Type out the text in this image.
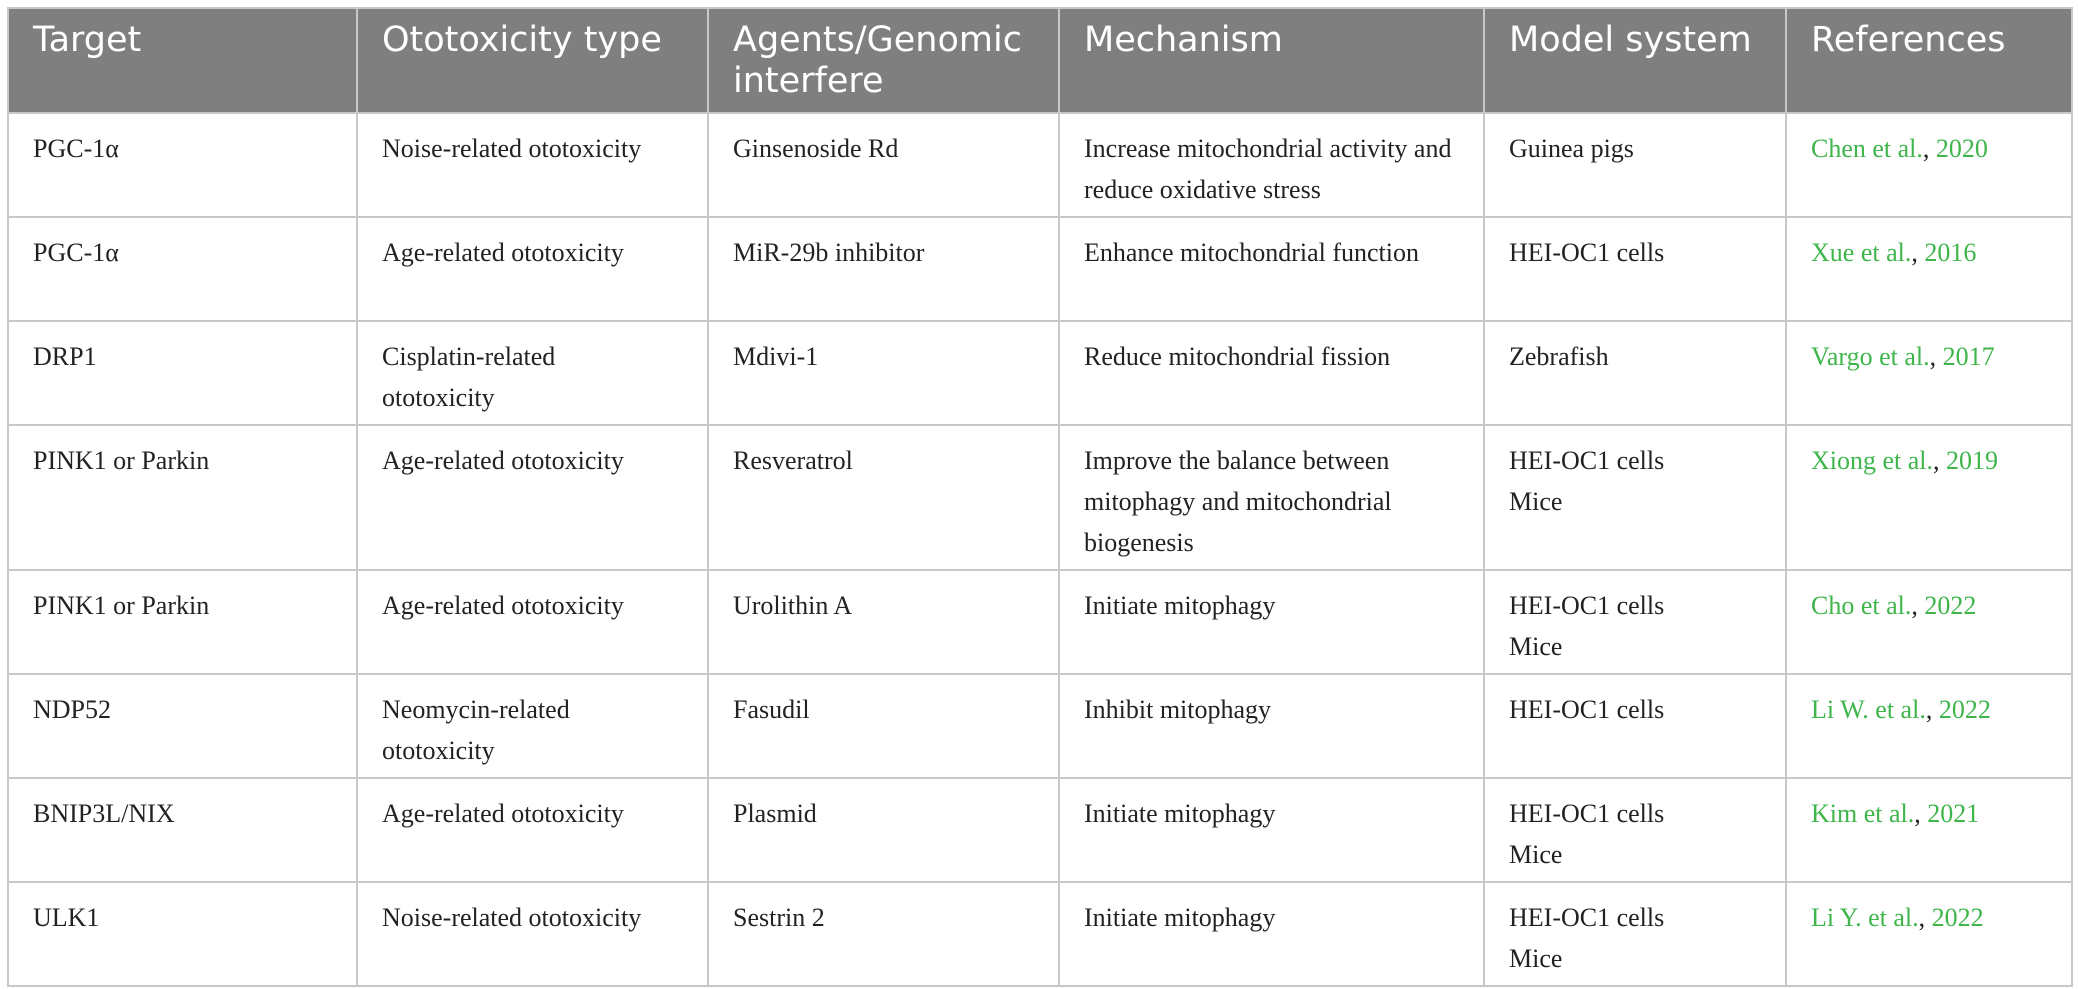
Target	Ototoxicity type	Agents/Genomic interfere	Mechanism	Model system	References
PGC-1α	Noise-related ototoxicity	Ginsenoside Rd	Increase mitochondrial activity and reduce oxidative stress	Guinea pigs	Chen et al., 2020
PGC-1α	Age-related ototoxicity	MiR-29b inhibitor	Enhance mitochondrial function	HEI-OC1 cells	Xue et al., 2016
DRP1	Cisplatin-related ototoxicity	Mdivi-1	Reduce mitochondrial fission	Zebrafish	Vargo et al., 2017
PINK1 or Parkin	Age-related ototoxicity	Resveratrol	Improve the balance between mitophagy and mitochondrial biogenesis	HEI-OC1 cells Mice	Xiong et al., 2019
PINK1 or Parkin	Age-related ototoxicity	Urolithin A	Initiate mitophagy	HEI-OC1 cells Mice	Cho et al., 2022
NDP52	Neomycin-related ototoxicity	Fasudil	Inhibit mitophagy	HEI-OC1 cells	Li W. et al., 2022
BNIP3L/NIX	Age-related ototoxicity	Plasmid	Initiate mitophagy	HEI-OC1 cells Mice	Kim et al., 2021
ULK1	Noise-related ototoxicity	Sestrin 2	Initiate mitophagy	HEI-OC1 cells Mice	Li Y. et al., 2022
